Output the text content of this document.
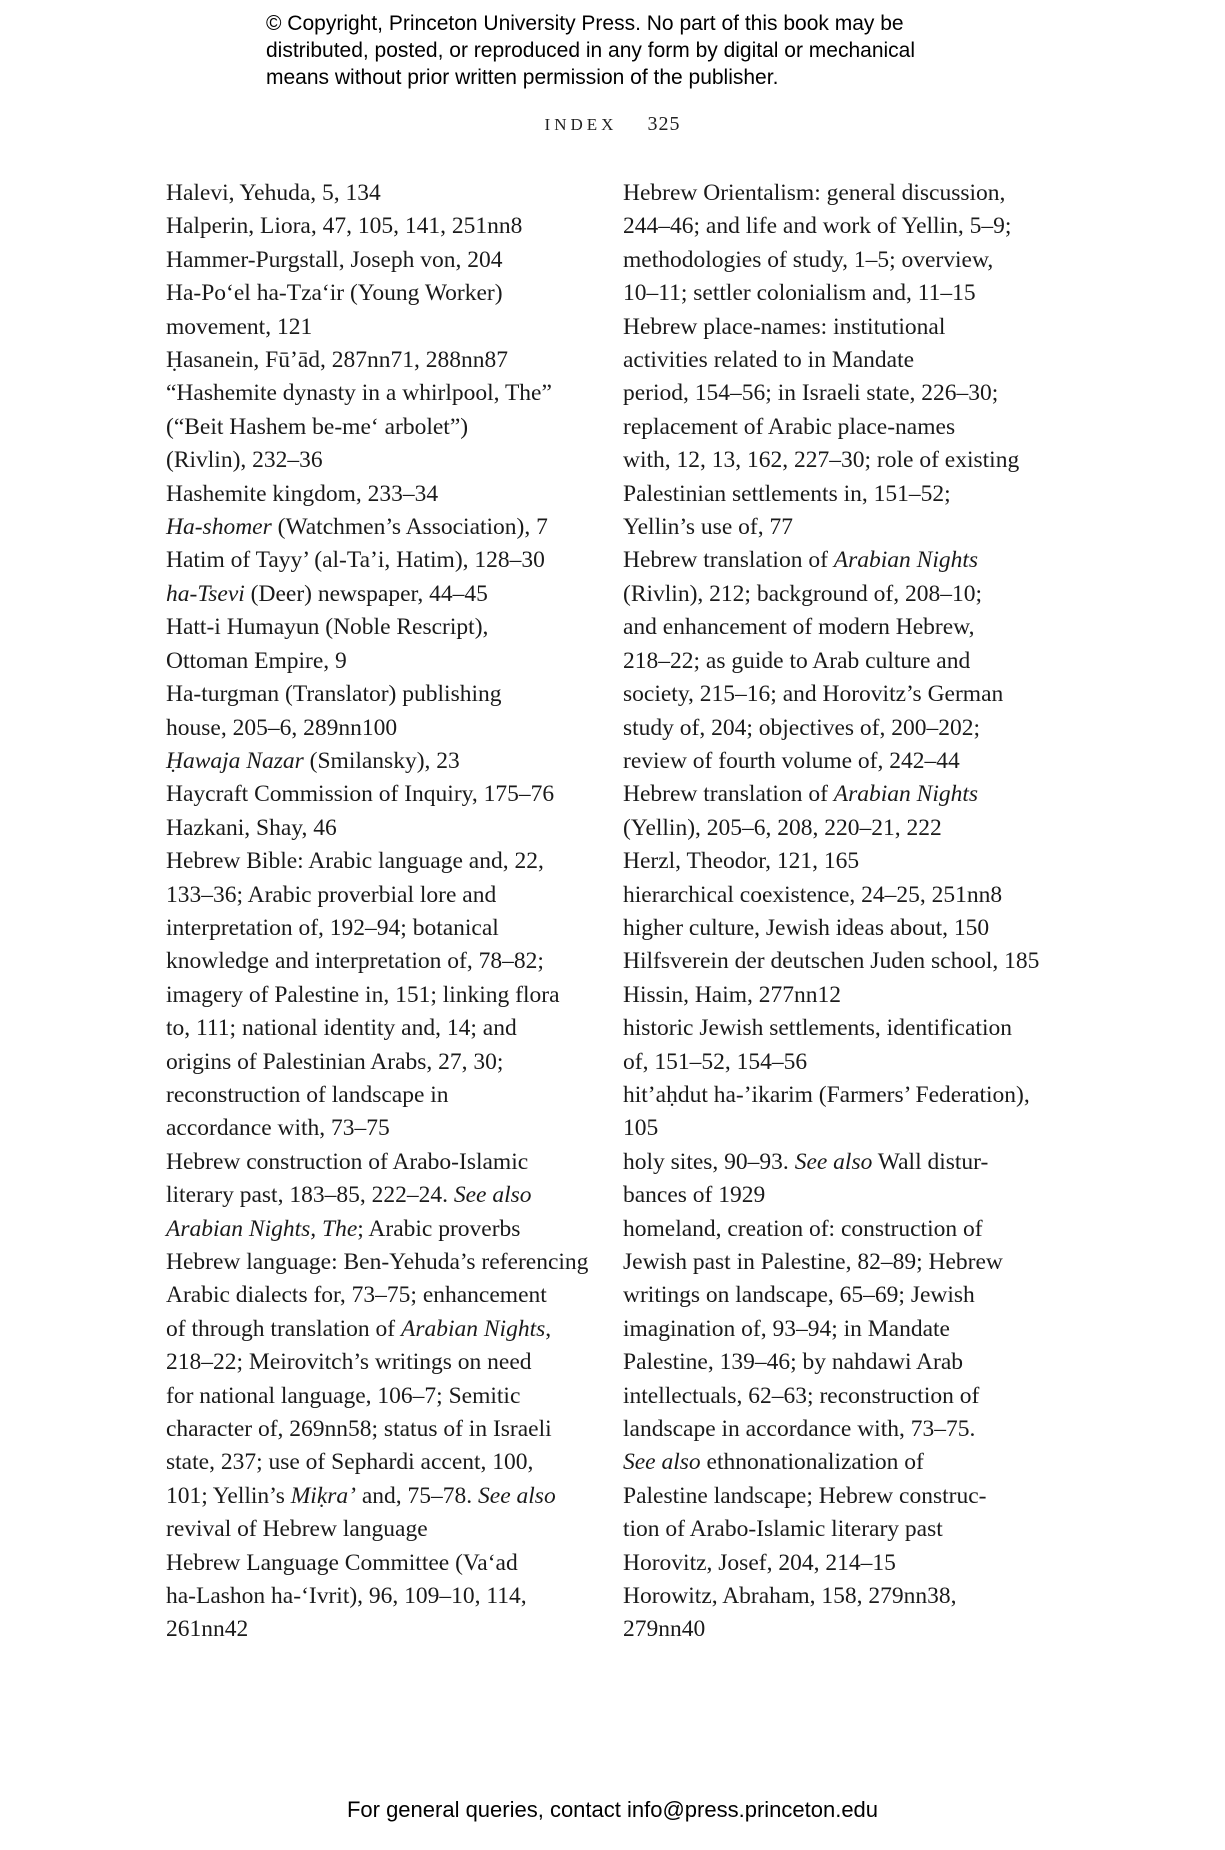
© Copyright, Princeton University Press. No part of this book may be

distributed, posted, or reproduced in any form by digital or mechanical

means without prior written permission of the publisher.

INDEX 325
Halevi, Yehuda, 5, 134
Halperin, Liora, 47, 105, 141, 251nn8
Hammer-Purgstall, Joseph von, 204
Ha-Po‘el ha-Tza‘ir (Young Worker)
movement, 121
Ḥasanein, Fū’ād, 287nn71, 288nn87
“Hashemite dynasty in a whirlpool, The”
(“Beit Hashem be-me‘ arbolet”)
(Rivlin), 232–36
Hashemite kingdom, 233–34
Ha-shomer (Watchmen’s Association), 7
Hatim of Tayy’ (al-Ta’i, Hatim), 128–30
ha-Tsevi (Deer) newspaper, 44–45
Hatt-i Humayun (Noble Rescript),
Ottoman Empire, 9
Ha-turgman (Translator) publishing
house, 205–6, 289nn100
Ḥawaja Nazar (Smilansky), 23
Haycraft Commission of Inquiry, 175–76
Hazkani, Shay, 46
Hebrew Bible: Arabic language and, 22,
133–36; Arabic proverbial lore and
interpretation of, 192–94; botanical
knowledge and interpretation of, 78–82;
imagery of Palestine in, 151; linking flora
to, 111; national identity and, 14; and
origins of Palestinian Arabs, 27, 30;
reconstruction of landscape in
accordance with, 73–75
Hebrew construction of Arabo-Islamic
literary past, 183–85, 222–24. See also
Arabian Nights, The; Arabic proverbs
Hebrew language: Ben-Yehuda’s referencing
Arabic dialects for, 73–75; enhancement
of through translation of Arabian Nights,
218–22; Meirovitch’s writings on need
for national language, 106–7; Semitic
character of, 269nn58; status of in Israeli
state, 237; use of Sephardi accent, 100,
101; Yellin’s Miḳra’ and, 75–78. See also
revival of Hebrew language
Hebrew Language Committee (Va‘ad
ha-Lashon ha-‘Ivrit), 96, 109–10, 114,
261nn42
Hebrew Orientalism: general discussion,
244–46; and life and work of Yellin, 5–9;
methodologies of study, 1–5; overview,
10–11; settler colonialism and, 11–15
Hebrew place-names: institutional
activities related to in Mandate
period, 154–56; in Israeli state, 226–30;
replacement of Arabic place-names
with, 12, 13, 162, 227–30; role of existing
Palestinian settlements in, 151–52;
Yellin’s use of, 77
Hebrew translation of Arabian Nights
(Rivlin), 212; background of, 208–10;
and enhancement of modern Hebrew,
218–22; as guide to Arab culture and
society, 215–16; and Horovitz’s German
study of, 204; objectives of, 200–202;
review of fourth volume of, 242–44
Hebrew translation of Arabian Nights
(Yellin), 205–6, 208, 220–21, 222
Herzl, Theodor, 121, 165
hierarchical coexistence, 24–25, 251nn8
higher culture, Jewish ideas about, 150
Hilfsverein der deutschen Juden school, 185
Hissin, Haim, 277nn12
historic Jewish settlements, identification
of, 151–52, 154–56
hit’aḥdut ha-’ikarim (Farmers’ Federation),
105
holy sites, 90–93. See also Wall distur-
bances of 1929
homeland, creation of: construction of
Jewish past in Palestine, 82–89; Hebrew
writings on landscape, 65–69; Jewish
imagination of, 93–94; in Mandate
Palestine, 139–46; by nahdawi Arab
intellectuals, 62–63; reconstruction of
landscape in accordance with, 73–75.
See also ethnonationalization of
Palestine landscape; Hebrew construc-
tion of Arabo-Islamic literary past
Horovitz, Josef, 204, 214–15
Horowitz, Abraham, 158, 279nn38,
279nn40
For general queries, contact info@press.princeton.edu
